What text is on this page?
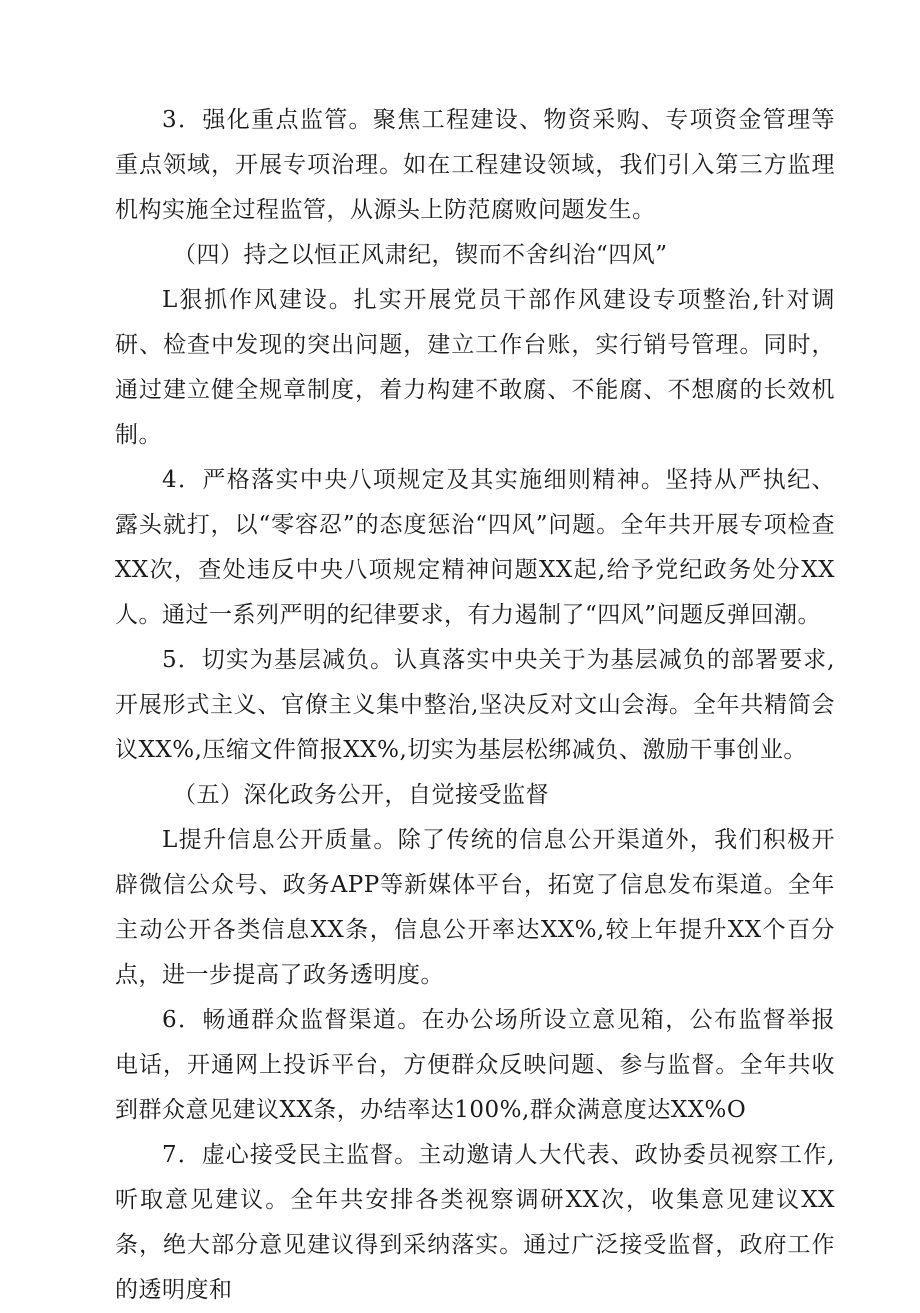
3．强化重点监管。聚焦工程建设、物资采购、专项资金管理等重点领域，开展专项治理。如在工程建设领域，我们引入第三方监理机构实施全过程监管，从源头上防范腐败问题发生。

（四）持之以恒正风肃纪，锲而不舍纠治“四风”

L狠抓作风建设。扎实开展党员干部作风建设专项整治,针对调研、检查中发现的突出问题，建立工作台账，实行销号管理。同时，通过建立健全规章制度，着力构建不敢腐、不能腐、不想腐的长效机制。

4．严格落实中央八项规定及其实施细则精神。坚持从严执纪、露头就打，以“零容忍”的态度惩治“四风”问题。全年共开展专项检查XX次，查处违反中央八项规定精神问题XX起,给予党纪政务处分XX人。通过一系列严明的纪律要求，有力遏制了“四风”问题反弹回潮。

5．切实为基层减负。认真落实中央关于为基层减负的部署要求,开展形式主义、官僚主义集中整治,坚决反对文山会海。全年共精简会议XX%,压缩文件简报XX%,切实为基层松绑减负、激励干事创业。

（五）深化政务公开，自觉接受监督

L提升信息公开质量。除了传统的信息公开渠道外，我们积极开辟微信公众号、政务APP等新媒体平台，拓宽了信息发布渠道。全年主动公开各类信息XX条，信息公开率达XX%,较上年提升XX个百分点，进一步提高了政务透明度。

6．畅通群众监督渠道。在办公场所设立意见箱，公布监督举报电话，开通网上投诉平台，方便群众反映问题、参与监督。全年共收到群众意见建议XX条，办结率达100%,群众满意度达XX%O

7．虚心接受民主监督。主动邀请人大代表、政协委员视察工作,听取意见建议。全年共安排各类视察调研XX次，收集意见建议XX条，绝大部分意见建议得到采纳落实。通过广泛接受监督，政府工作的透明度和
